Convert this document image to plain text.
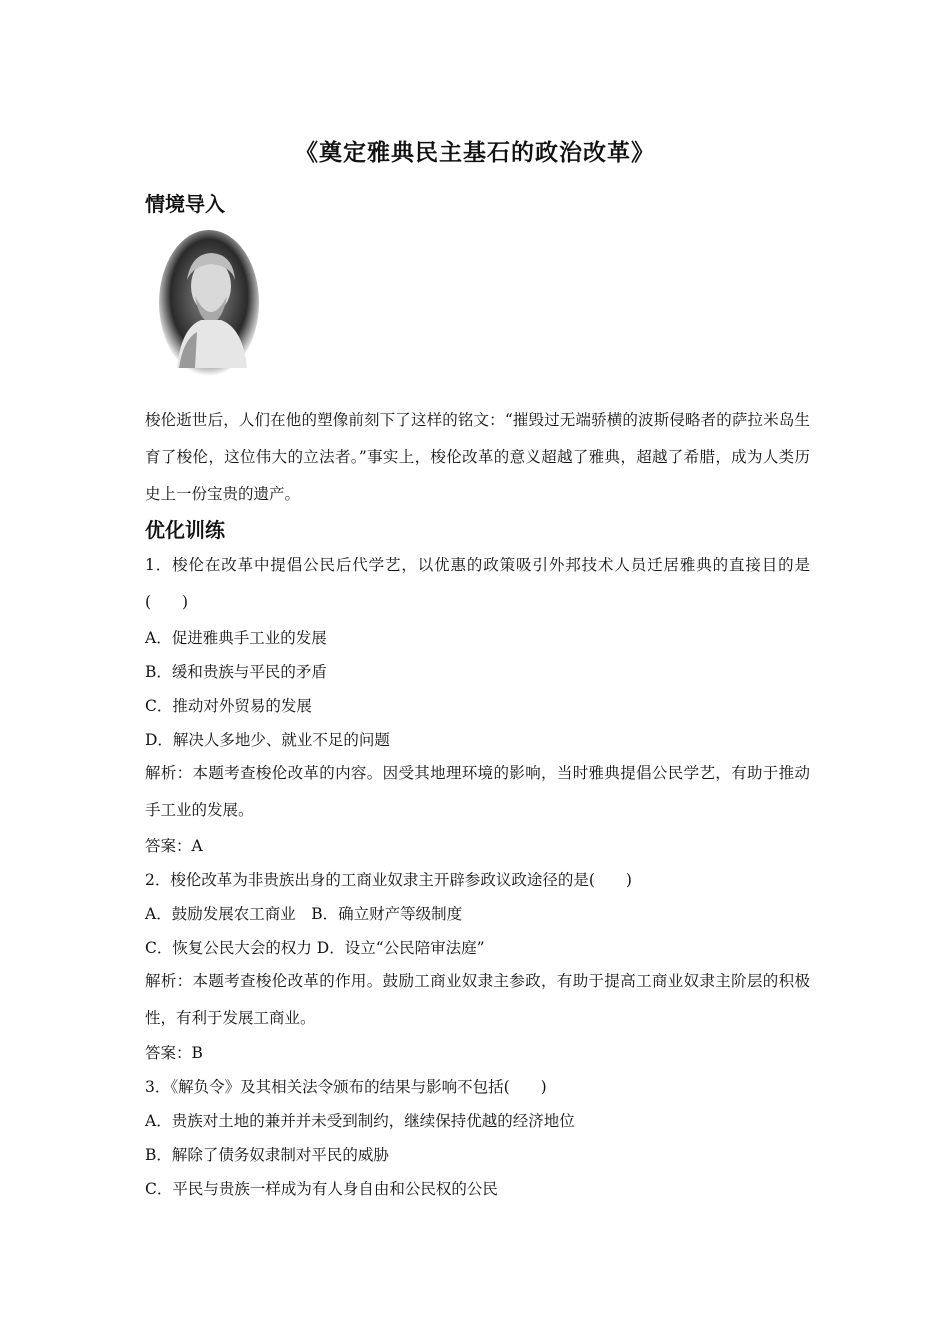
《奠定雅典民主基石的政治改革》
情境导入
梭伦逝世后，人们在他的塑像前刻下了这样的铭文：“摧毁过无端骄横的波斯侵略者的萨拉米岛生育了梭伦，这位伟大的立法者。”事实上，梭伦改革的意义超越了雅典，超越了希腊，成为人类历史上一份宝贵的遗产。
优化训练
1．梭伦在改革中提倡公民后代学艺，以优惠的政策吸引外邦技术人员迁居雅典的直接目的是(　　)
A．促进雅典手工业的发展
B．缓和贵族与平民的矛盾
C．推动对外贸易的发展
D．解决人多地少、就业不足的问题
解析：本题考查梭伦改革的内容。因受其地理环境的影响，当时雅典提倡公民学艺，有助于推动手工业的发展。
答案：A
2．梭伦改革为非贵族出身的工商业奴隶主开辟参政议政途径的是(　　)
A．鼓励发展农工商业　B．确立财产等级制度
C．恢复公民大会的权力 D．设立“公民陪审法庭”
解析：本题考查梭伦改革的作用。鼓励工商业奴隶主参政，有助于提高工商业奴隶主阶层的积极性，有利于发展工商业。
答案：B
3．《解负令》及其相关法令颁布的结果与影响不包括(　　)
A．贵族对土地的兼并并未受到制约，继续保持优越的经济地位
B．解除了债务奴隶制对平民的威胁
C．平民与贵族一样成为有人身自由和公民权的公民
